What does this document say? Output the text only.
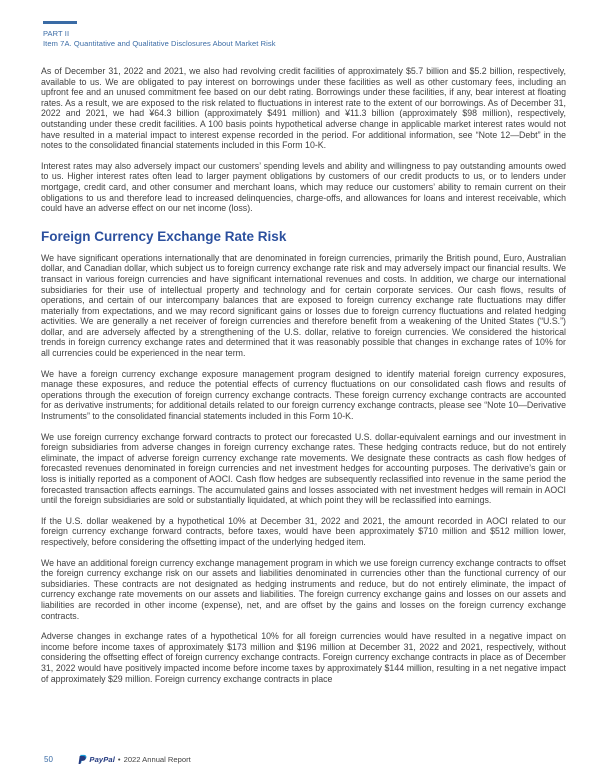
PART II
Item 7A. Quantitative and Qualitative Disclosures About Market Risk

As of December 31, 2022 and 2021, we also had revolving credit facilities of approximately $5.7 billion and $5.2 billion, respectively, available to us. We are obligated to pay interest on borrowings under these facilities as well as other customary fees, including an upfront fee and an unused commitment fee based on our debt rating. Borrowings under these facilities, if any, bear interest at floating rates. As a result, we are exposed to the risk related to fluctuations in interest rate to the extent of our borrowings. As of December 31, 2022 and 2021, we had ¥64.3 billion (approximately $491 million) and ¥11.3 billion (approximately $98 million), respectively, outstanding under these credit facilities. A 100 basis points hypothetical adverse change in applicable market interest rates would not have resulted in a material impact to interest expense recorded in the period. For additional information, see “Note 12—Debt” in the notes to the consolidated financial statements included in this Form 10-K.

Interest rates may also adversely impact our customers’ spending levels and ability and willingness to pay outstanding amounts owed to us. Higher interest rates often lead to larger payment obligations by customers of our credit products to us, or to lenders under mortgage, credit card, and other consumer and merchant loans, which may reduce our customers’ ability to remain current on their obligations to us and therefore lead to increased delinquencies, charge-offs, and allowances for loans and interest receivable, which could have an adverse effect on our net income (loss).

Foreign Currency Exchange Rate Risk

We have significant operations internationally that are denominated in foreign currencies, primarily the British pound, Euro, Australian dollar, and Canadian dollar, which subject us to foreign currency exchange rate risk and may adversely impact our financial results. We transact in various foreign currencies and have significant international revenues and costs. In addition, we charge our international subsidiaries for their use of intellectual property and technology and for certain corporate services. Our cash flows, results of operations, and certain of our intercompany balances that are exposed to foreign currency exchange rate fluctuations may differ materially from expectations, and we may record significant gains or losses due to foreign currency fluctuations and related hedging activities. We are generally a net receiver of foreign currencies and therefore benefit from a weakening of the United States (“U.S.”) dollar, and are adversely affected by a strengthening of the U.S. dollar, relative to foreign currencies. We considered the historical trends in foreign currency exchange rates and determined that it was reasonably possible that changes in exchange rates of 10% for all currencies could be experienced in the near term.

We have a foreign currency exchange exposure management program designed to identify material foreign currency exposures, manage these exposures, and reduce the potential effects of currency fluctuations on our consolidated cash flows and results of operations through the execution of foreign currency exchange contracts. These foreign currency exchange contracts are accounted for as derivative instruments; for additional details related to our foreign currency exchange contracts, please see “Note 10—Derivative Instruments” to the consolidated financial statements included in this Form 10-K.

We use foreign currency exchange forward contracts to protect our forecasted U.S. dollar-equivalent earnings and our investment in foreign subsidiaries from adverse changes in foreign currency exchange rates. These hedging contracts reduce, but do not entirely eliminate, the impact of adverse foreign currency exchange rate movements. We designate these contracts as cash flow hedges of forecasted revenues denominated in foreign currencies and net investment hedges for accounting purposes. The derivative’s gain or loss is initially reported as a component of AOCI. Cash flow hedges are subsequently reclassified into revenue in the same period the forecasted transaction affects earnings. The accumulated gains and losses associated with net investment hedges will remain in AOCI until the foreign subsidiaries are sold or substantially liquidated, at which point they will be reclassified into earnings.

If the U.S. dollar weakened by a hypothetical 10% at December 31, 2022 and 2021, the amount recorded in AOCI related to our foreign currency exchange forward contracts, before taxes, would have been approximately $710 million and $512 million lower, respectively, before considering the offsetting impact of the underlying hedged item.

We have an additional foreign currency exchange management program in which we use foreign currency exchange contracts to offset the foreign currency exchange risk on our assets and liabilities denominated in currencies other than the functional currency of our subsidiaries. These contracts are not designated as hedging instruments and reduce, but do not entirely eliminate, the impact of currency exchange rate movements on our assets and liabilities. The foreign currency exchange gains and losses on our assets and liabilities are recorded in other income (expense), net, and are offset by the gains and losses on the foreign currency exchange contracts.

Adverse changes in exchange rates of a hypothetical 10% for all foreign currencies would have resulted in a negative impact on income before income taxes of approximately $173 million and $196 million at December 31, 2022 and 2021, respectively, without considering the offsetting effect of foreign currency exchange contracts. Foreign currency exchange contracts in place as of December 31, 2022 would have positively impacted income before income taxes by approximately $144 million, resulting in a net negative impact of approximately $29 million. Foreign currency exchange contracts in place

50	PayPal • 2022 Annual Report
